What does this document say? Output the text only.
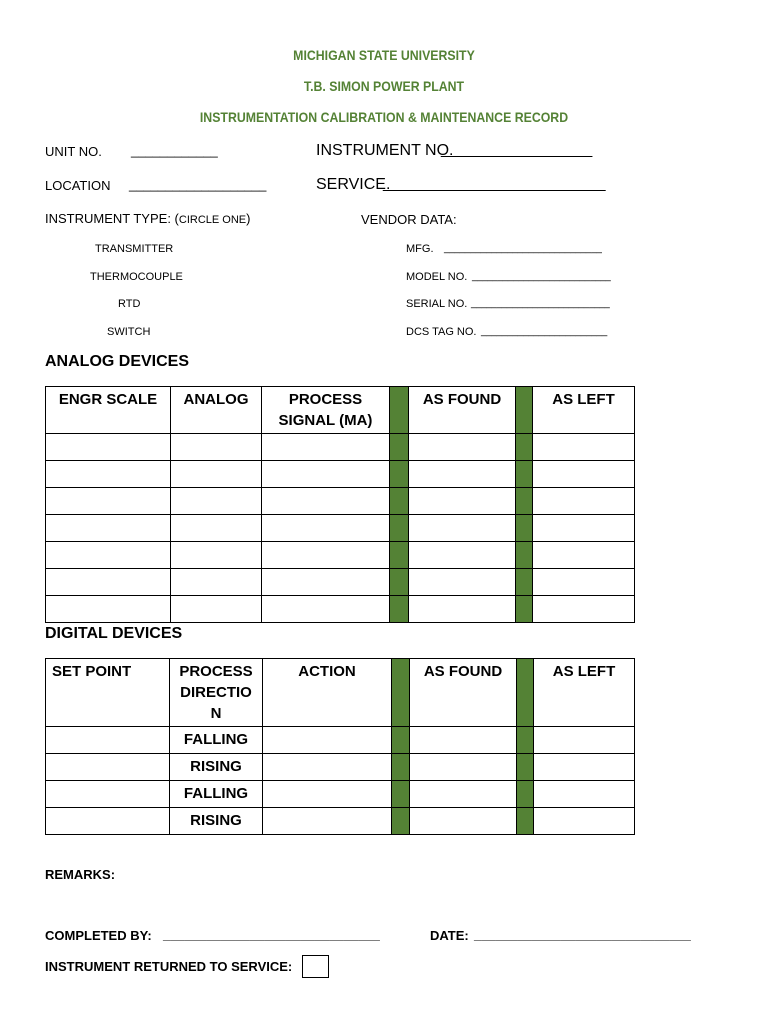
MICHIGAN STATE UNIVERSITY
T.B. SIMON POWER PLANT
INSTRUMENTATION CALIBRATION & MAINTENANCE RECORD
UNIT NO. ____________	INSTRUMENT NO.
_________________
LOCATION ___________________	SERVICE.
_________________________
INSTRUMENT TYPE: (CIRCLE ONE)
TRANSMITTER
THERMOCOUPLE
RTD
SWITCH
VENDOR DATA:
MFG. ______________________________
MODEL NO. ___________________________
SERIAL NO. ___________________________
DCS TAG NO. ________________________
ANALOG DEVICES
ENGR SCALE	ANALOG	PROCESS SIGNAL (MA)		AS FOUND		AS LEFT

DIGITAL DEVICES
SET POINT	PROCESS DIRECTIO N	ACTION		AS FOUND		AS LEFT
	FALLING					
	RISING					
	FALLING					
	RISING					
REMARKS:
COMPLETED BY: ______________________________	DATE: ______________________________
INSTRUMENT RETURNED TO SERVICE:
